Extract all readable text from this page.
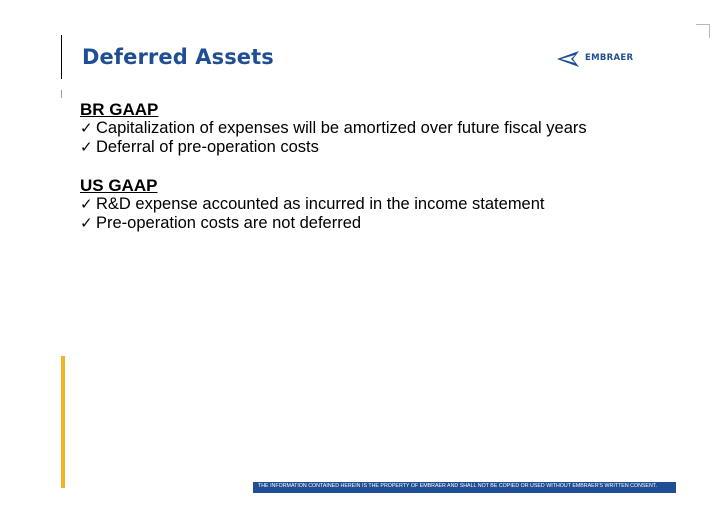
Deferred Assets	EMBRAER
BR GAAP
✓ Capitalization of expenses will be amortized over future fiscal years
✓ Deferral of pre-operation costs
US GAAP
✓ R&D expense accounted as incurred in the income statement
✓ Pre-operation costs are not deferred
THE INFORMATION CONTAINED HEREIN IS THE PROPERTY OF EMBRAER AND SHALL NOT BE COPIED OR USED WITHOUT EMBRAER'S WRITTEN CONSENT.
